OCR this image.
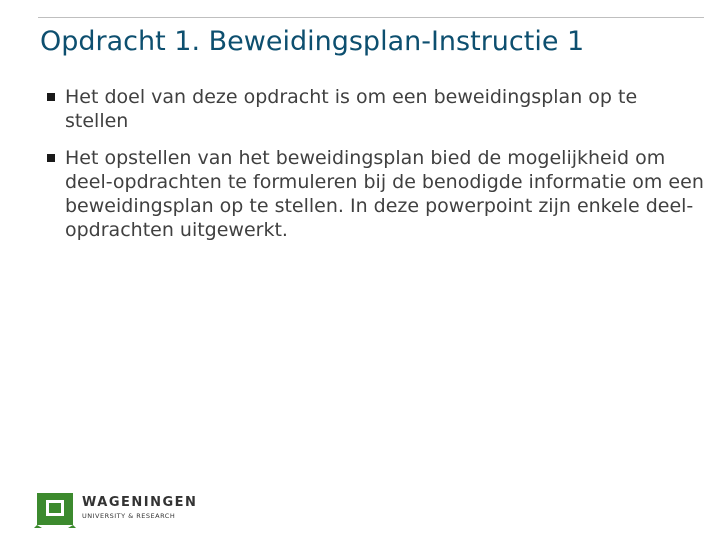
Opdracht 1. Beweidingsplan-Instructie 1
Het doel van deze opdracht is om een beweidingsplan op te stellen
Het opstellen van het beweidingsplan bied de mogelijkheid om deel-opdrachten te formuleren bij de benodigde informatie om een beweidingsplan op te stellen. In deze powerpoint zijn enkele deel-opdrachten uitgewerkt.
WAGENINGEN
UNIVERSITY & RESEARCH
